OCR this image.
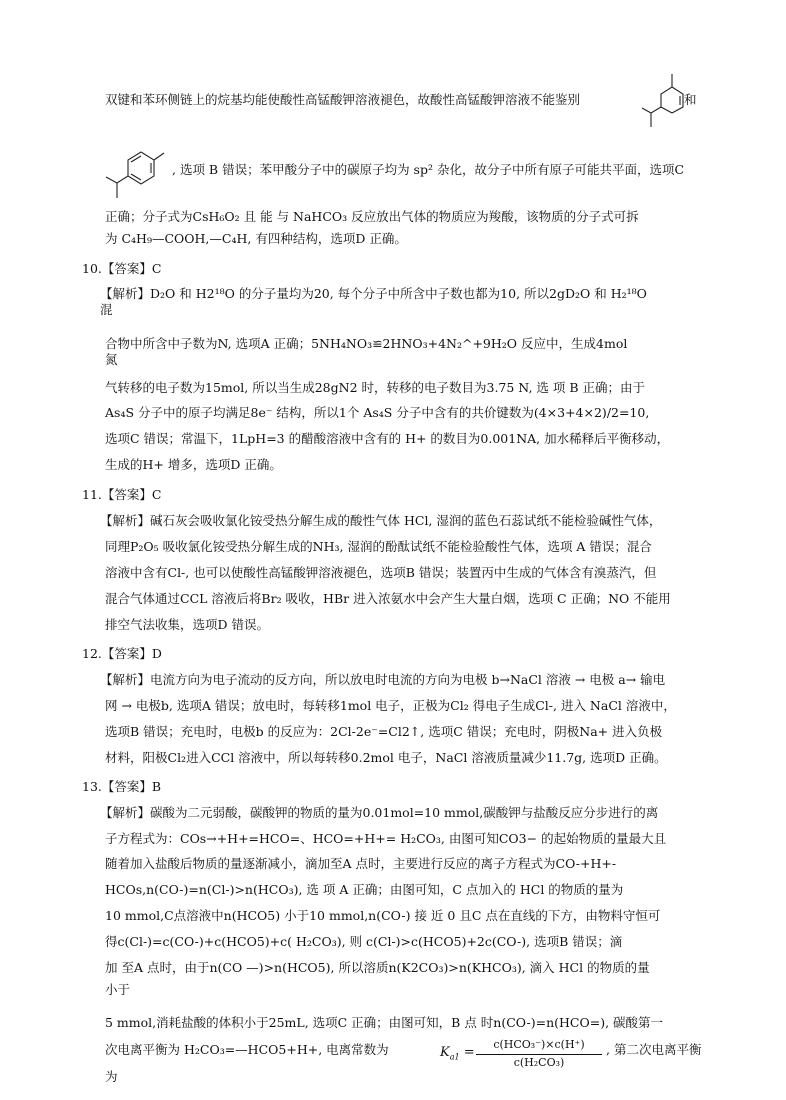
双键和苯环侧链上的烷基均能使酸性高锰酸钾溶液褪色，故酸性高锰酸钾溶液不能鉴别	和
, 选项 B 错误；苯甲酸分子中的碳原子均为 sp² 杂化，故分子中所有原子可能共平面，选项C
正确；分子式为CsH₆O₂ 且 能 与 NaHCO₃ 反应放出气体的物质应为羧酸，该物质的分子式可拆
为 C₄H₉—COOH,—C₄H, 有四种结构，选项D 正确。
10.【答案】C
【解析】D₂O 和 H2¹⁸O 的分子量均为20, 每个分子中所含中子数也都为10, 所以2gD₂O 和 H₂¹⁸O
混
合物中所含中子数为N, 选项A 正确；5NH₄NO₃≌2HNO₃+4N₂^+9H₂O 反应中，生成4mol
氮
气转移的电子数为15mol, 所以当生成28gN2 时，转移的电子数目为3.75 N, 选 项 B 正确；由于
As₄S 分子中的原子均满足8e⁻ 结构，所以1个 As₄S 分子中含有的共价键数为(4×3+4×2)/2=10,
选项C 错误；常温下，1LpH=3 的醋酸溶液中含有的 H+ 的数目为0.001NA, 加水稀释后平衡移动，
生成的H+ 增多，选项D 正确。
11.【答案】C
【解析】碱石灰会吸收氯化铵受热分解生成的酸性气体 HCl, 湿润的蓝色石蕊试纸不能检验碱性气体，
同理P₂O₅ 吸收氯化铵受热分解生成的NH₃, 湿润的酚酞试纸不能检验酸性气体，选项 A 错误；混合
溶液中含有Cl-, 也可以使酸性高锰酸钾溶液褪色，选项B 错误；装置丙中生成的气体含有溴蒸汽，但
混合气体通过CCL 溶液后将Br₂ 吸收，HBr 进入浓氨水中会产生大量白烟，选项 C 正确；NO 不能用
排空气法收集，选项D 错误。
12.【答案】D
【解析】电流方向为电子流动的反方向，所以放电时电流的方向为电极 b→NaCl 溶液 → 电极 a→ 输电
网 → 电极b, 选项A 错误；放电时，每转移1mol 电子，正极为Cl₂ 得电子生成Cl-, 进入 NaCl 溶液中，
选项B 错误；充电时，电极b 的反应为：2Cl-2e⁻=Cl2↑, 选项C 错误；充电时，阴极Na+ 进入负极
材料，阳极Cl₂进入CCl 溶液中，所以每转移0.2mol 电子，NaCl 溶液质量减少11.7g, 选项D 正确。
13.【答案】B
【解析】碳酸为二元弱酸，碳酸钾的物质的量为0.01mol=10 mmol,碳酸钾与盐酸反应分步进行的离
子方程式为：COs→+H+=HCO=、HCO=+H+= H₂CO₃, 由图可知CO3− 的起始物质的量最大且
随着加入盐酸后物质的量逐渐减小，滴加至A 点时，主要进行反应的离子方程式为CO-+H+-
HCOs,n(CO-)=n(Cl-)>n(HCO₃), 选 项 A 正确；由图可知，C 点加入的 HCl 的物质的量为
10 mmol,C点溶液中n(HCO5) 小于10 mmol,n(CO-) 接 近 0 且C 点在直线的下方，由物料守恒可
得c(Cl-)=c(CO-)+c(HCO5)+c( H₂CO₃), 则 c(Cl-)>c(HCO5)+2c(CO-), 选项B 错误；滴
加 至A 点时，由于n(CO —)>n(HCO5), 所以溶质n(K2CO₃)>n(KHCO₃), 滴入 HCl 的物质的量
小于
5 mmol,消耗盐酸的体积小于25mL, 选项C 正确；由图可知，B 点 时n(CO-)=n(HCO=), 碳酸第一
次电离平衡为 H₂CO₃=—HCO5+H+, 电离常数为	, 第二次电离平衡
为
$K_{a1}$ =
c(HCO₃⁻)×c(H⁺)
c(H₂CO₃)
